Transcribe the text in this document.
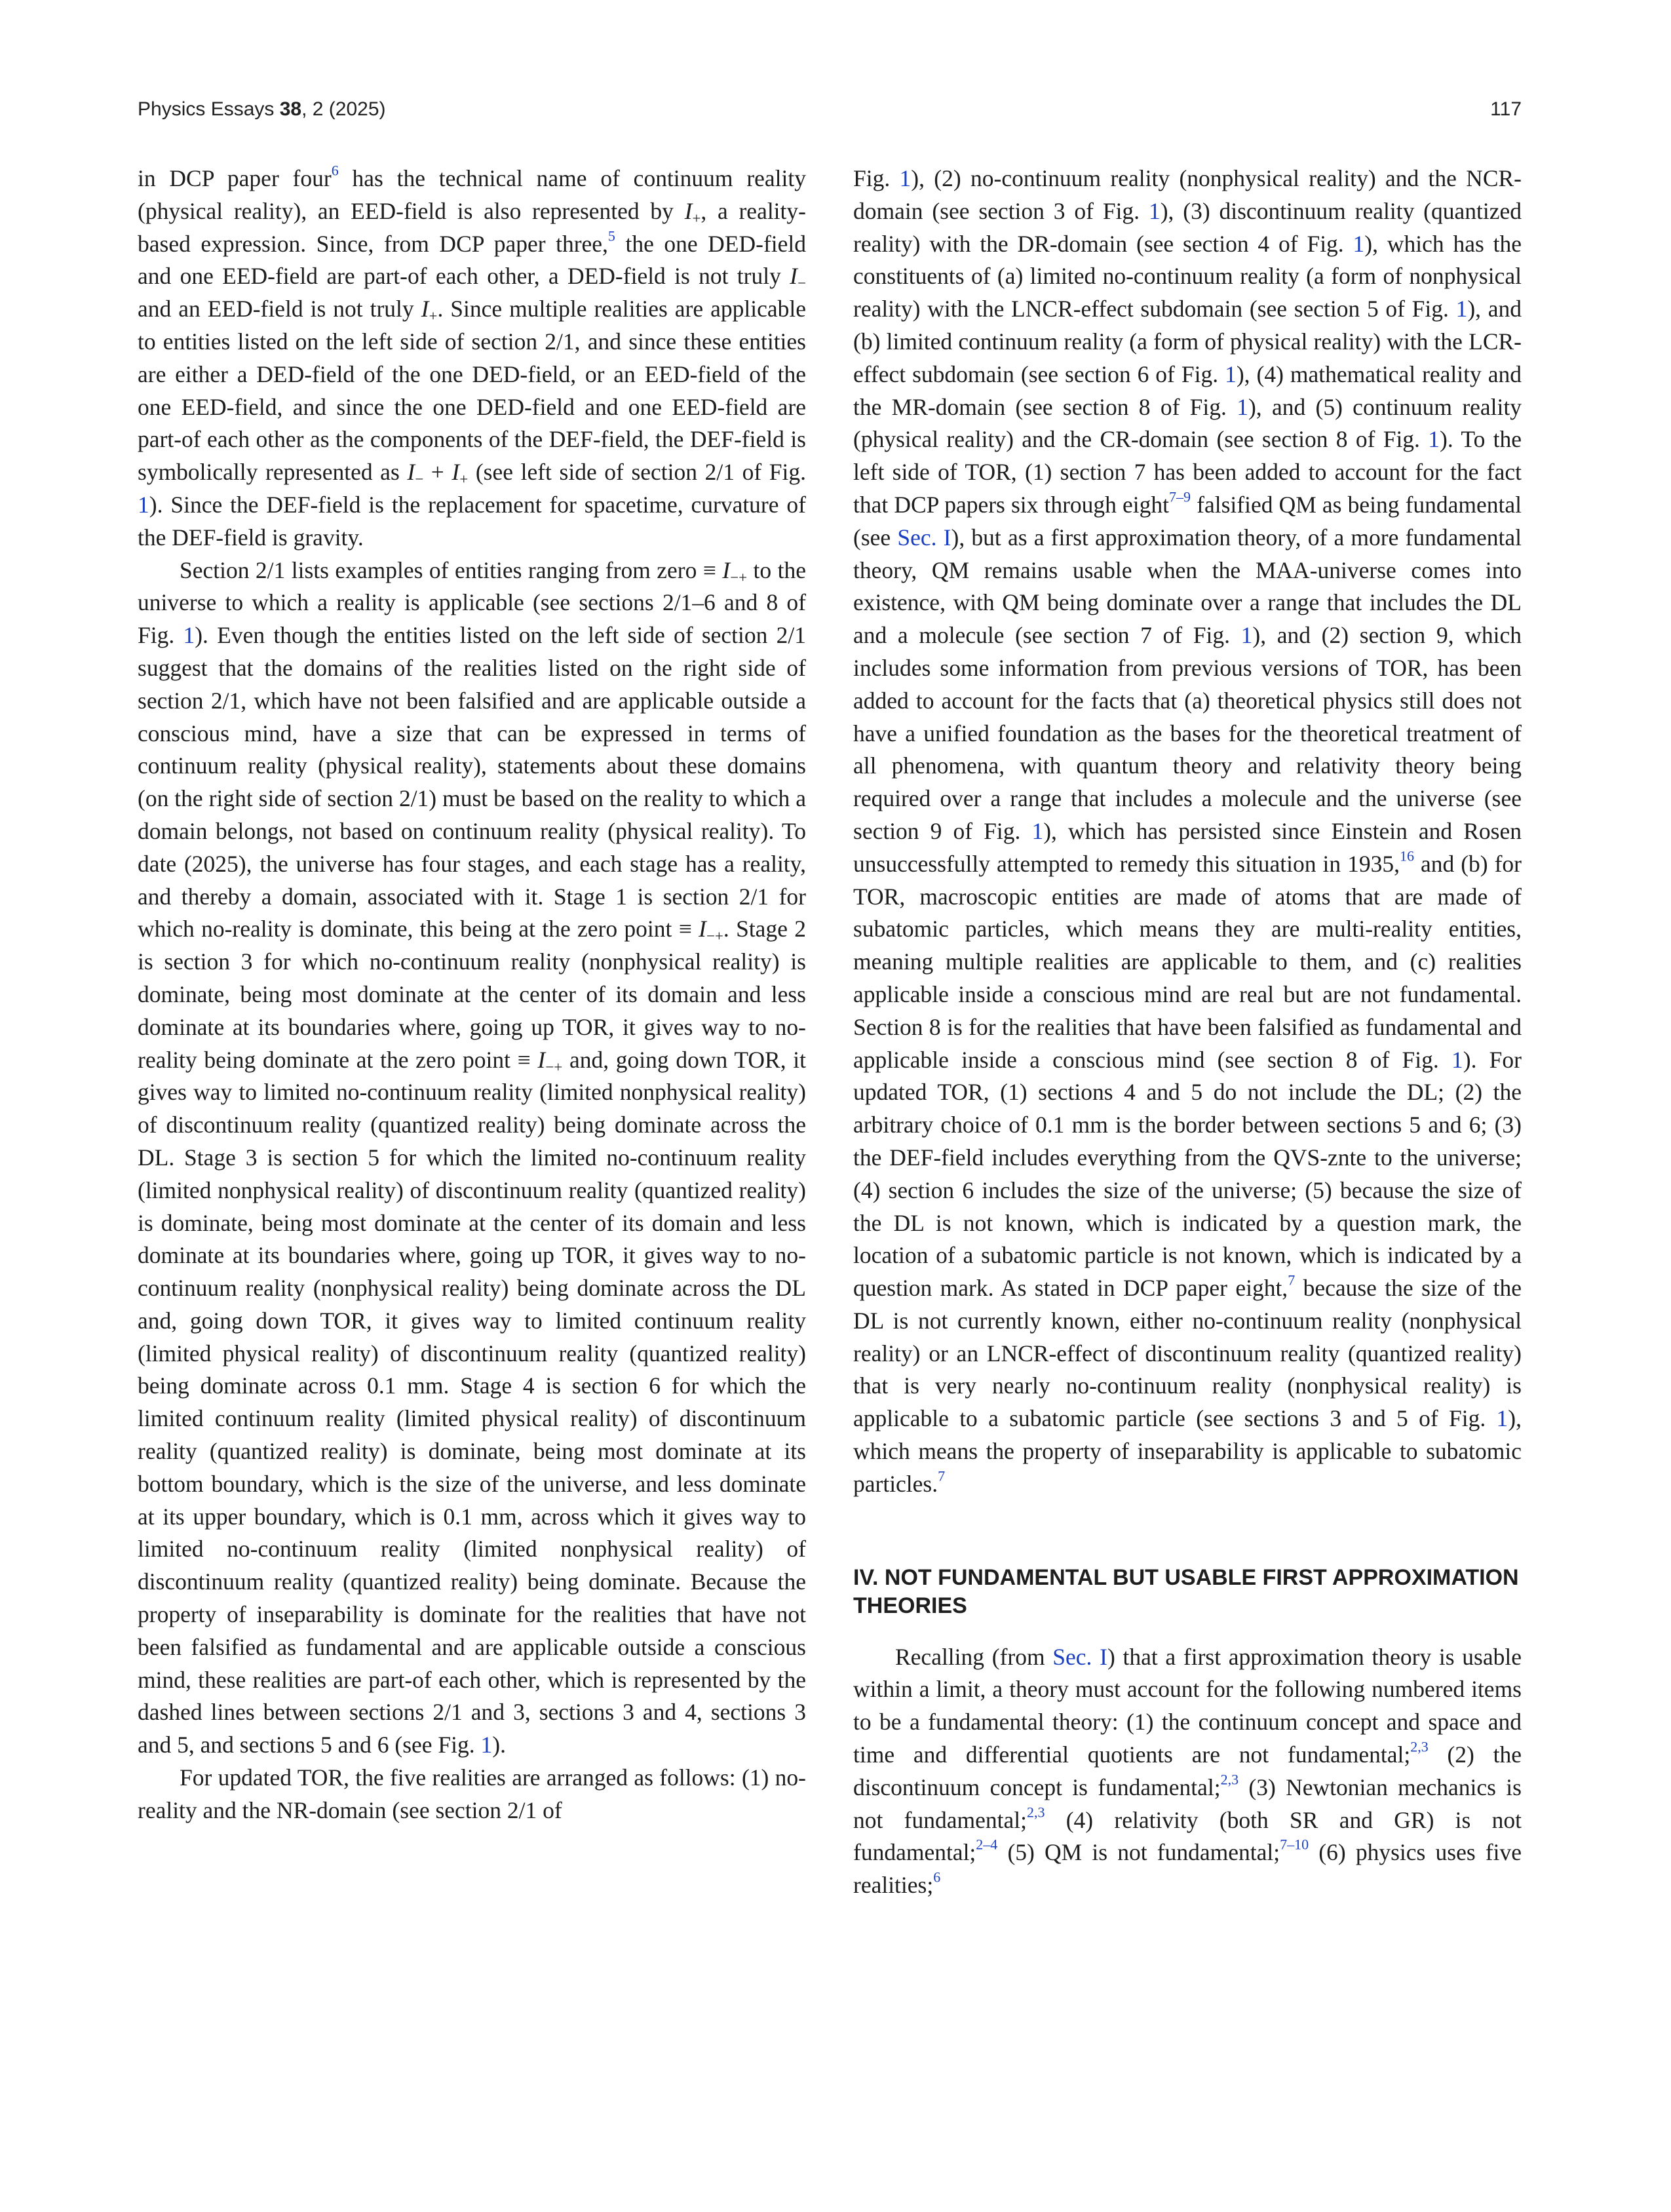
Physics Essays 38, 2 (2025)	117

in DCP paper four$^6$ has the technical name of continuum reality (physical reality), an EED-field is also represented by $I_+$, a reality-based expression. Since, from DCP paper three,$^5$ the one DED-field and one EED-field are part-of each other, a DED-field is not truly $I_-$ and an EED-field is not truly $I_+$. Since multiple realities are applicable to entities listed on the left side of section 2/1, and since these entities are either a DED-field of the one DED-field, or an EED-field of the one EED-field, and since the one DED-field and one EED-field are part-of each other as the components of the DEF-field, the DEF-field is symbolically represented as $I_- + I_+$ (see left side of section 2/1 of Fig. 1). Since the DEF-field is the replacement for spacetime, curvature of the DEF-field is gravity.

Section 2/1 lists examples of entities ranging from zero ≡ $I_{-+}$ to the universe to which a reality is applicable (see sections 2/1–6 and 8 of Fig. 1). Even though the entities listed on the left side of section 2/1 suggest that the domains of the realities listed on the right side of section 2/1, which have not been falsified and are applicable outside a conscious mind, have a size that can be expressed in terms of continuum reality (physical reality), statements about these domains (on the right side of section 2/1) must be based on the reality to which a domain belongs, not based on continuum reality (physical reality). To date (2025), the universe has four stages, and each stage has a reality, and thereby a domain, associated with it. Stage 1 is section 2/1 for which no-reality is dominate, this being at the zero point ≡ $I_{-+}$. Stage 2 is section 3 for which no-continuum reality (nonphysical reality) is dominate, being most dominate at the center of its domain and less dominate at its boundaries where, going up TOR, it gives way to no-reality being dominate at the zero point ≡ $I_{-+}$ and, going down TOR, it gives way to limited no-continuum reality (limited nonphysical reality) of discontinuum reality (quantized reality) being dominate across the DL. Stage 3 is section 5 for which the limited no-continuum reality (limited nonphysical reality) of discontinuum reality (quantized reality) is dominate, being most dominate at the center of its domain and less dominate at its boundaries where, going up TOR, it gives way to no-continuum reality (nonphysical reality) being dominate across the DL and, going down TOR, it gives way to limited continuum reality (limited physical reality) of discontinuum reality (quantized reality) being dominate across 0.1 mm. Stage 4 is section 6 for which the limited continuum reality (limited physical reality) of discontinuum reality (quantized reality) is dominate, being most dominate at its bottom boundary, which is the size of the universe, and less dominate at its upper boundary, which is 0.1 mm, across which it gives way to limited no-continuum reality (limited nonphysical reality) of discontinuum reality (quantized reality) being dominate. Because the property of inseparability is dominate for the realities that have not been falsified as fundamental and are applicable outside a conscious mind, these realities are part-of each other, which is represented by the dashed lines between sections 2/1 and 3, sections 3 and 4, sections 3 and 5, and sections 5 and 6 (see Fig. 1).

For updated TOR, the five realities are arranged as follows: (1) no-reality and the NR-domain (see section 2/1 of

Fig. 1), (2) no-continuum reality (nonphysical reality) and the NCR-domain (see section 3 of Fig. 1), (3) discontinuum reality (quantized reality) with the DR-domain (see section 4 of Fig. 1), which has the constituents of (a) limited no-continuum reality (a form of nonphysical reality) with the LNCR-effect subdomain (see section 5 of Fig. 1), and (b) limited continuum reality (a form of physical reality) with the LCR-effect subdomain (see section 6 of Fig. 1), (4) mathematical reality and the MR-domain (see section 8 of Fig. 1), and (5) continuum reality (physical reality) and the CR-domain (see section 8 of Fig. 1). To the left side of TOR, (1) section 7 has been added to account for the fact that DCP papers six through eight$^{7-9}$ falsified QM as being fundamental (see Sec. I), but as a first approximation theory, of a more fundamental theory, QM remains usable when the MAA-universe comes into existence, with QM being dominate over a range that includes the DL and a molecule (see section 7 of Fig. 1), and (2) section 9, which includes some information from previous versions of TOR, has been added to account for the facts that (a) theoretical physics still does not have a unified foundation as the bases for the theoretical treatment of all phenomena, with quantum theory and relativity theory being required over a range that includes a molecule and the universe (see section 9 of Fig. 1), which has persisted since Einstein and Rosen unsuccessfully attempted to remedy this situation in 1935,16 and (b) for TOR, macroscopic entities are made of atoms that are made of subatomic particles, which means they are multi-reality entities, meaning multiple realities are applicable to them, and (c) realities applicable inside a conscious mind are real but are not fundamental. Section 8 is for the realities that have been falsified as fundamental and applicable inside a conscious mind (see section 8 of Fig. 1). For updated TOR, (1) sections 4 and 5 do not include the DL; (2) the arbitrary choice of 0.1 mm is the border between sections 5 and 6; (3) the DEF-field includes everything from the QVS-znte to the universe; (4) section 6 includes the size of the universe; (5) because the size of the DL is not known, which is indicated by a question mark, the location of a subatomic particle is not known, which is indicated by a question mark. As stated in DCP paper eight,$^7$ because the size of the DL is not currently known, either no-continuum reality (nonphysical reality) or an LNCR-effect of discontinuum reality (quantized reality) that is very nearly no-continuum reality (nonphysical reality) is applicable to a subatomic particle (see sections 3 and 5 of Fig. 1), which means the property of inseparability is applicable to subatomic particles.$^7$

IV. NOT FUNDAMENTAL BUT USABLE FIRST APPROXIMATION THEORIES

Recalling (from Sec. I) that a first approximation theory is usable within a limit, a theory must account for the following numbered items to be a fundamental theory: (1) the continuum concept and space and time and differential quotients are not fundamental;$^{2,3}$ (2) the discontinuum concept is fundamental;$^{2,3}$ (3) Newtonian mechanics is not fundamental;$^{2,3}$ (4) relativity (both SR and GR) is not fundamental;$^{2-4}$ (5) QM is not fundamental;$^{7-10}$ (6) physics uses five realities;$^6$
